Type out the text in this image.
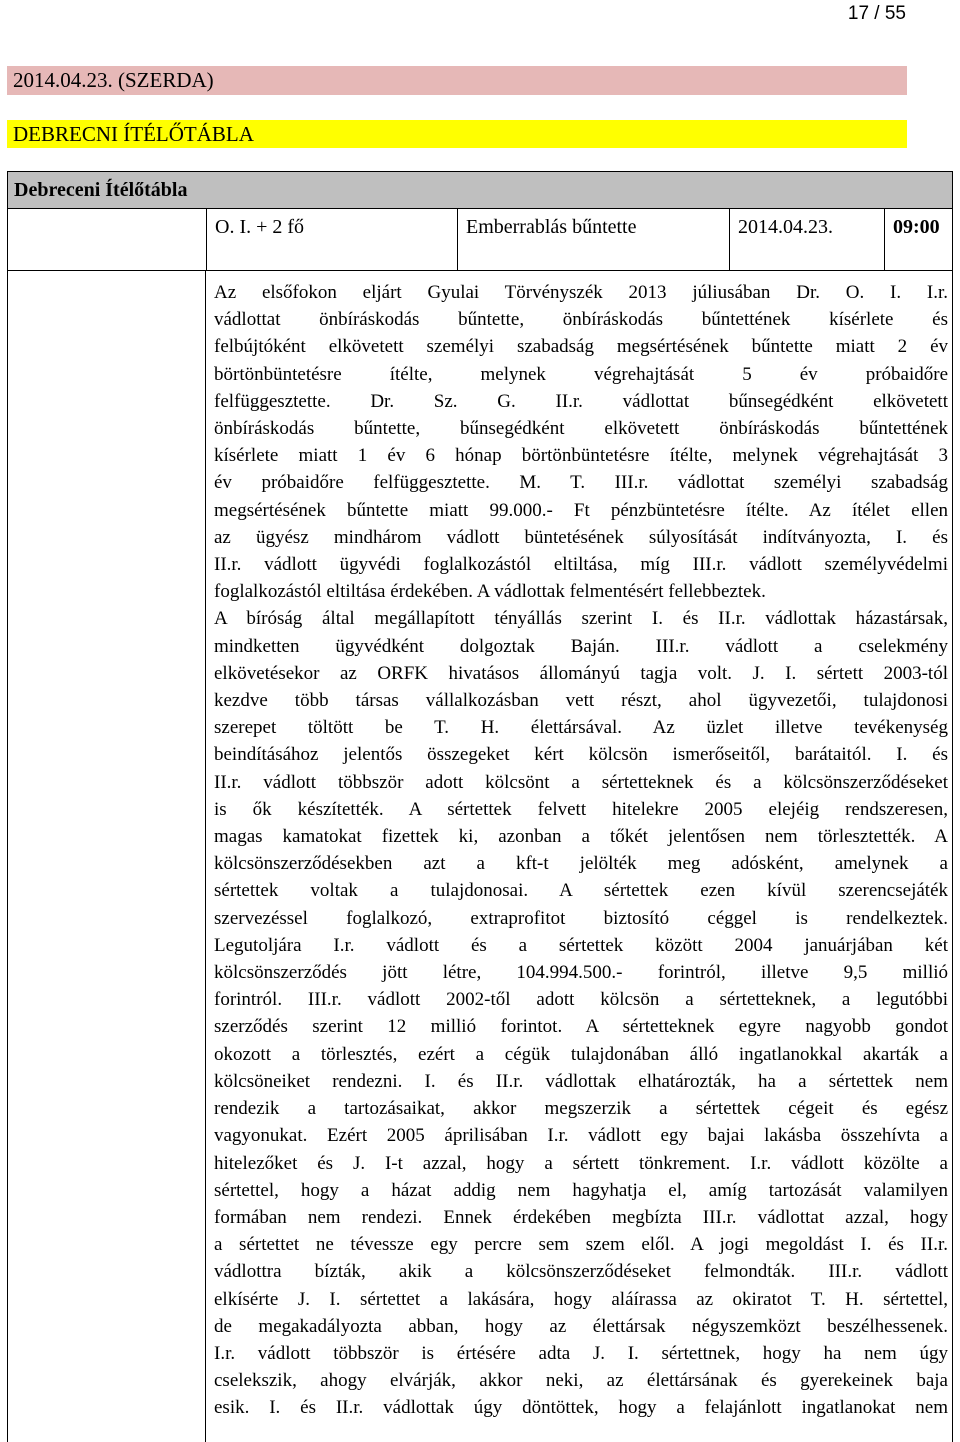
17 / 55
2014.04.23. (SZERDA)
DEBRECNI ÍTÉLŐTÁBLA
Debreceni Ítélőtábla
O. I. + 2 fő	Emberrablás bűntette	2014.04.23.	09:00
Az elsőfokon eljárt Gyulai Törvényszék 2013 júliusában Dr. O. I. I.r.
vádlottat önbíráskodás bűntette, önbíráskodás bűntettének kísérlete és
felbújtóként elkövetett személyi szabadság megsértésének bűntette miatt 2 év
börtönbüntetésre ítélte, melynek végrehajtását 5 év próbaidőre
felfüggesztette. Dr. Sz. G. II.r. vádlottat bűnsegédként elkövetett
önbíráskodás bűntette, bűnsegédként elkövetett önbíráskodás bűntettének
kísérlete miatt 1 év 6 hónap börtönbüntetésre ítélte, melynek végrehajtását 3
év próbaidőre felfüggesztette. M. T. III.r. vádlottat személyi szabadság
megsértésének bűntette miatt 99.000.- Ft pénzbüntetésre ítélte. Az ítélet ellen
az ügyész mindhárom vádlott büntetésének súlyosítását indítványozta, I. és
II.r. vádlott ügyvédi foglalkozástól eltiltása, míg III.r. vádlott személyvédelmi
foglalkozástól eltiltása érdekében. A vádlottak felmentésért fellebbeztek.
A bíróság által megállapított tényállás szerint I. és II.r. vádlottak házastársak,
mindketten ügyvédként dolgoztak Baján. III.r. vádlott a cselekmény
elkövetésekor az ORFK hivatásos állományú tagja volt. J. I. sértett 2003-tól
kezdve több társas vállalkozásban vett részt, ahol ügyvezetői, tulajdonosi
szerepet töltött be T. H. élettársával. Az üzlet illetve tevékenység
beindításához jelentős összegeket kért kölcsön ismerőseitől, barátaitól. I. és
II.r. vádlott többször adott kölcsönt a sértetteknek és a kölcsönszerződéseket
is ők készítették. A sértettek felvett hitelekre 2005 elejéig rendszeresen,
magas kamatokat fizettek ki, azonban a tőkét jelentősen nem törlesztették. A
kölcsönszerződésekben azt a kft-t jelölték meg adósként, amelynek a
sértettek voltak a tulajdonosai. A sértettek ezen kívül szerencsejáték
szervezéssel foglalkozó, extraprofitot biztosító céggel is rendelkeztek.
Legutoljára I.r. vádlott és a sértettek között 2004 januárjában két
kölcsönszerződés jött létre, 104.994.500.- forintról, illetve 9,5 millió
forintról. III.r. vádlott 2002-től adott kölcsön a sértetteknek, a legutóbbi
szerződés szerint 12 millió forintot. A sértetteknek egyre nagyobb gondot
okozott a törlesztés, ezért a cégük tulajdonában álló ingatlanokkal akarták a
kölcsöneiket rendezni. I. és II.r. vádlottak elhatározták, ha a sértettek nem
rendezik a tartozásaikat, akkor megszerzik a sértettek cégeit és egész
vagyonukat. Ezért 2005 áprilisában I.r. vádlott egy bajai lakásba összehívta a
hitelezőket és J. I-t azzal, hogy a sértett tönkrement. I.r. vádlott közölte a
sértettel, hogy a házat addig nem hagyhatja el, amíg tartozását valamilyen
formában nem rendezi. Ennek érdekében megbízta III.r. vádlottat azzal, hogy
a sértettet ne tévessze egy percre sem szem elől. A jogi megoldást I. és II.r.
vádlottra bízták, akik a kölcsönszerződéseket felmondták. III.r. vádlott
elkísérte J. I. sértettet a lakására, hogy aláírassa az okiratot T. H. sértettel,
de megakadályozta abban, hogy az élettársak négyszemközt beszélhessenek.
I.r. vádlott többször is értésére adta J. I. sértettnek, hogy ha nem úgy
cselekszik, ahogy elvárják, akkor neki, az élettársának és gyerekeinek baja
esik. I. és II.r. vádlottak úgy döntöttek, hogy a felajánlott ingatlanokat nem
